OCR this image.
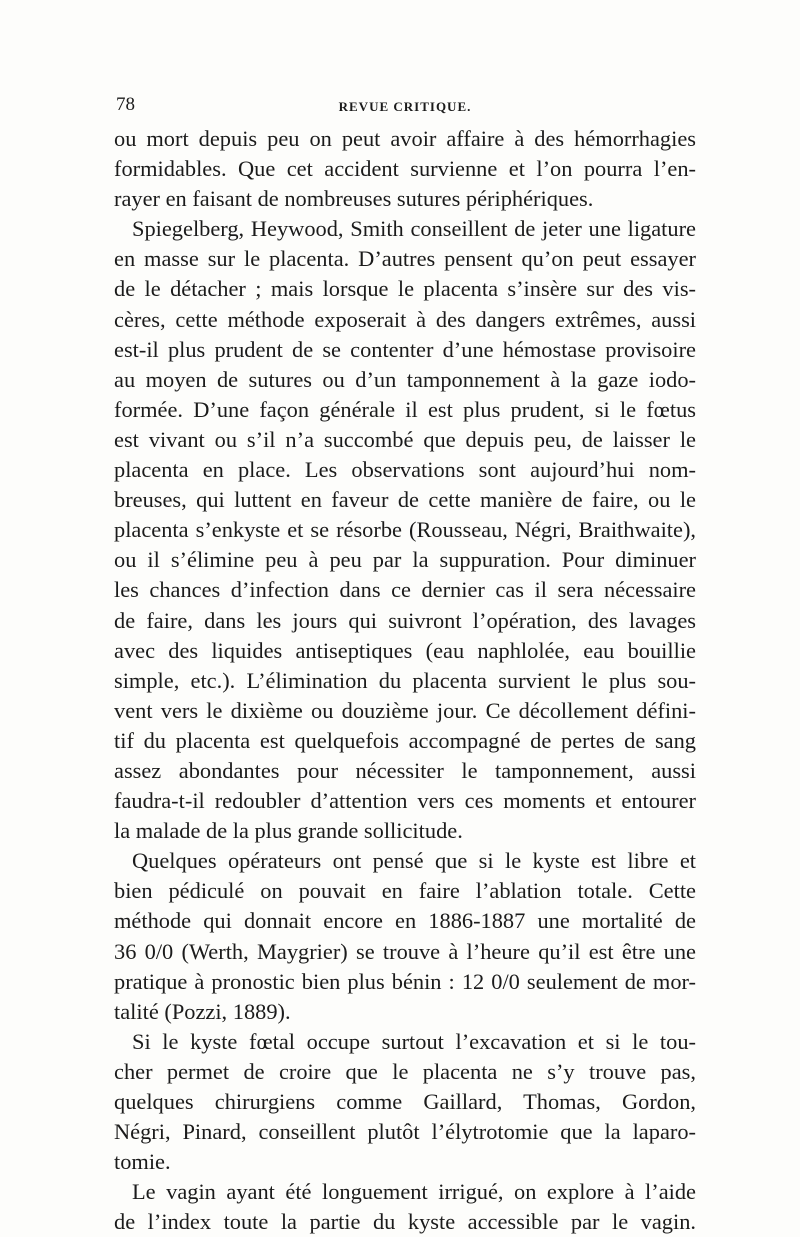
78	REVUE CRITIQUE.
ou mort depuis peu on peut avoir affaire à des hémorrhagies
formidables. Que cet accident survienne et l’on pourra l’en-
rayer en faisant de nombreuses sutures périphériques.
Spiegelberg, Heywood, Smith conseillent de jeter une ligature
en masse sur le placenta. D’autres pensent qu’on peut essayer
de le détacher ; mais lorsque le placenta s’insère sur des vis-
cères, cette méthode exposerait à des dangers extrêmes, aussi
est-il plus prudent de se contenter d’une hémostase provisoire
au moyen de sutures ou d’un tamponnement à la gaze iodo-
formée. D’une façon générale il est plus prudent, si le fœtus
est vivant ou s’il n’a succombé que depuis peu, de laisser le
placenta en place. Les observations sont aujourd’hui nom-
breuses, qui luttent en faveur de cette manière de faire, ou le
placenta s’enkyste et se résorbe (Rousseau, Négri, Braithwaite),
ou il s’élimine peu à peu par la suppuration. Pour diminuer
les chances d’infection dans ce dernier cas il sera nécessaire
de faire, dans les jours qui suivront l’opération, des lavages
avec des liquides antiseptiques (eau naphlolée, eau bouillie
simple, etc.). L’élimination du placenta survient le plus sou-
vent vers le dixième ou douzième jour. Ce décollement défini-
tif du placenta est quelquefois accompagné de pertes de sang
assez abondantes pour nécessiter le tamponnement, aussi
faudra-t-il redoubler d’attention vers ces moments et entourer
la malade de la plus grande sollicitude.
Quelques opérateurs ont pensé que si le kyste est libre et
bien pédiculé on pouvait en faire l’ablation totale. Cette
méthode qui donnait encore en 1886-1887 une mortalité de
36 0/0 (Werth, Maygrier) se trouve à l’heure qu’il est être une
pratique à pronostic bien plus bénin : 12 0/0 seulement de mor-
talité (Pozzi, 1889).
Si le kyste fœtal occupe surtout l’excavation et si le tou-
cher permet de croire que le placenta ne s’y trouve pas,
quelques chirurgiens comme Gaillard, Thomas, Gordon,
Négri, Pinard, conseillent plutôt l’élytrotomie que la laparo-
tomie.
Le vagin ayant été longuement irrigué, on explore à l’aide
de l’index toute la partie du kyste accessible par le vagin.
